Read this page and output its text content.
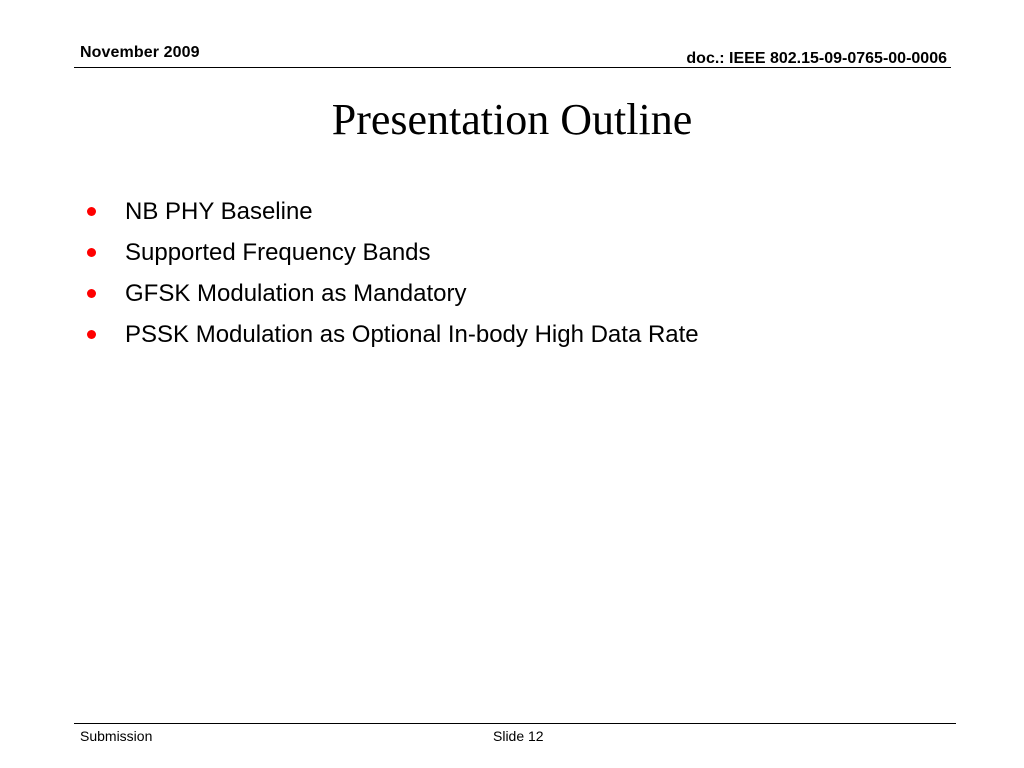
November 2009	doc.: IEEE 802.15-09-0765-00-0006
Presentation Outline
NB PHY Baseline
Supported Frequency Bands
GFSK Modulation as Mandatory
PSSK Modulation as Optional In-body High Data Rate
Submission	Slide 12
